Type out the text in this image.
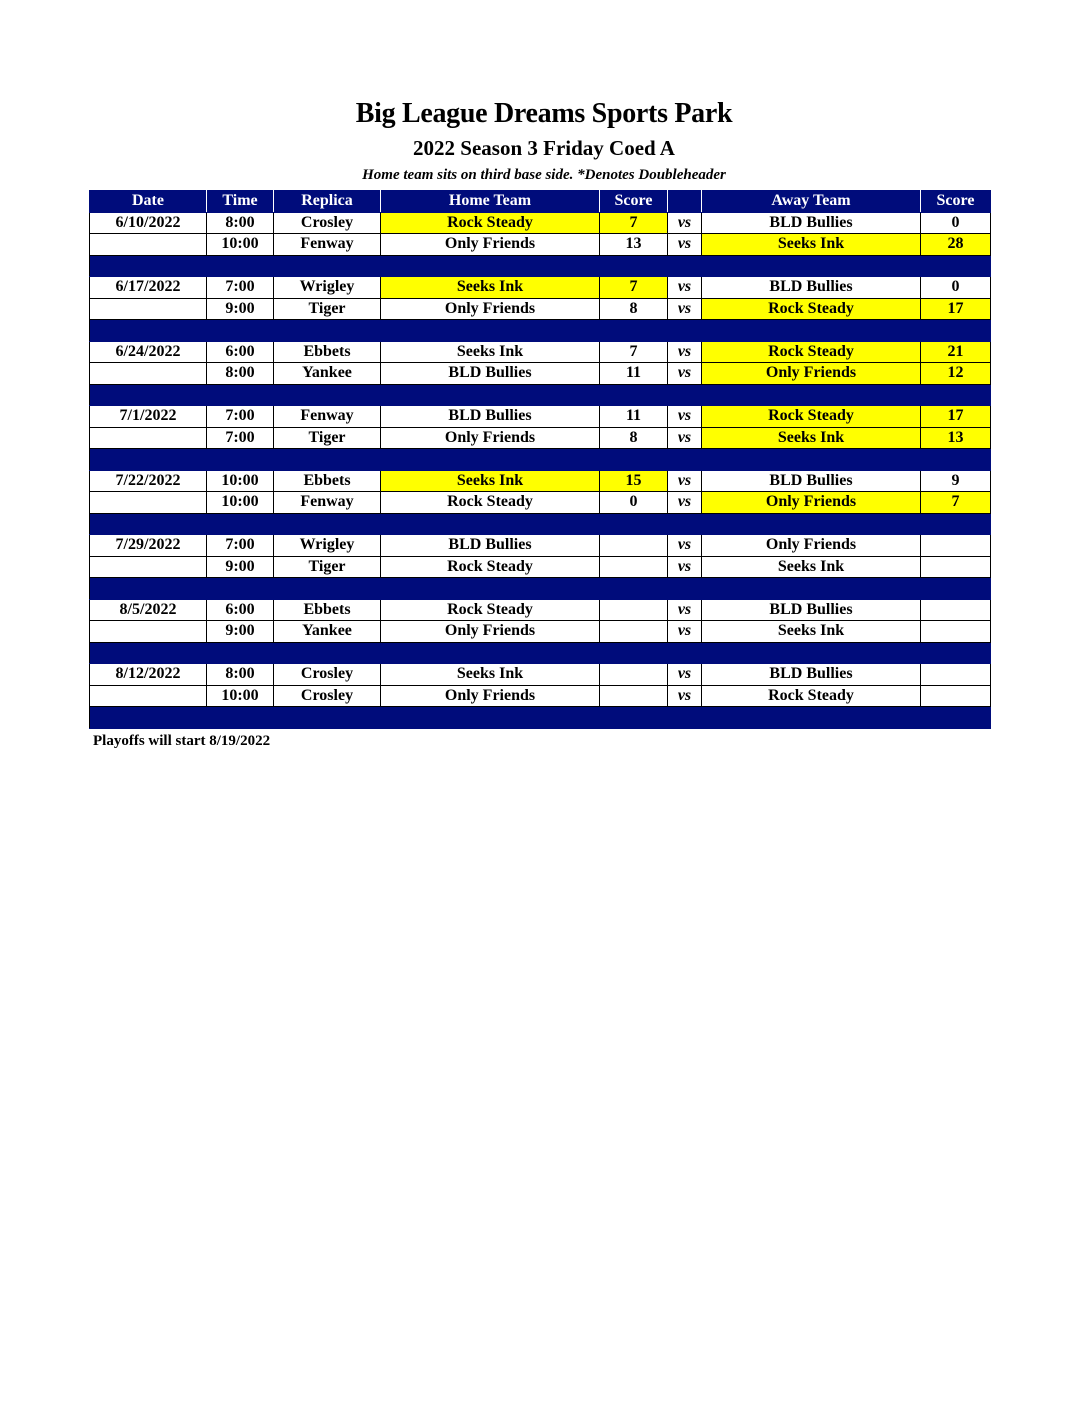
Big League Dreams Sports Park
2022 Season 3 Friday Coed A
Home team sits on third base side. *Denotes Doubleheader
Date	Time	Replica	Home Team	Score		Away Team	Score
6/10/2022	8:00	Crosley	Rock Steady	7	vs	BLD Bullies	0
	10:00	Fenway	Only Friends	13	vs	Seeks Ink	28

6/17/2022	7:00	Wrigley	Seeks Ink	7	vs	BLD Bullies	0
	9:00	Tiger	Only Friends	8	vs	Rock Steady	17

6/24/2022	6:00	Ebbets	Seeks Ink	7	vs	Rock Steady	21
	8:00	Yankee	BLD Bullies	11	vs	Only Friends	12

7/1/2022	7:00	Fenway	BLD Bullies	11	vs	Rock Steady	17
	7:00	Tiger	Only Friends	8	vs	Seeks Ink	13

7/22/2022	10:00	Ebbets	Seeks Ink	15	vs	BLD Bullies	9
	10:00	Fenway	Rock Steady	0	vs	Only Friends	7

7/29/2022	7:00	Wrigley	BLD Bullies		vs	Only Friends	
	9:00	Tiger	Rock Steady		vs	Seeks Ink	

8/5/2022	6:00	Ebbets	Rock Steady		vs	BLD Bullies	
	9:00	Yankee	Only Friends		vs	Seeks Ink	

8/12/2022	8:00	Crosley	Seeks Ink		vs	BLD Bullies	
	10:00	Crosley	Only Friends		vs	Rock Steady	

Playoffs will start 8/19/2022
